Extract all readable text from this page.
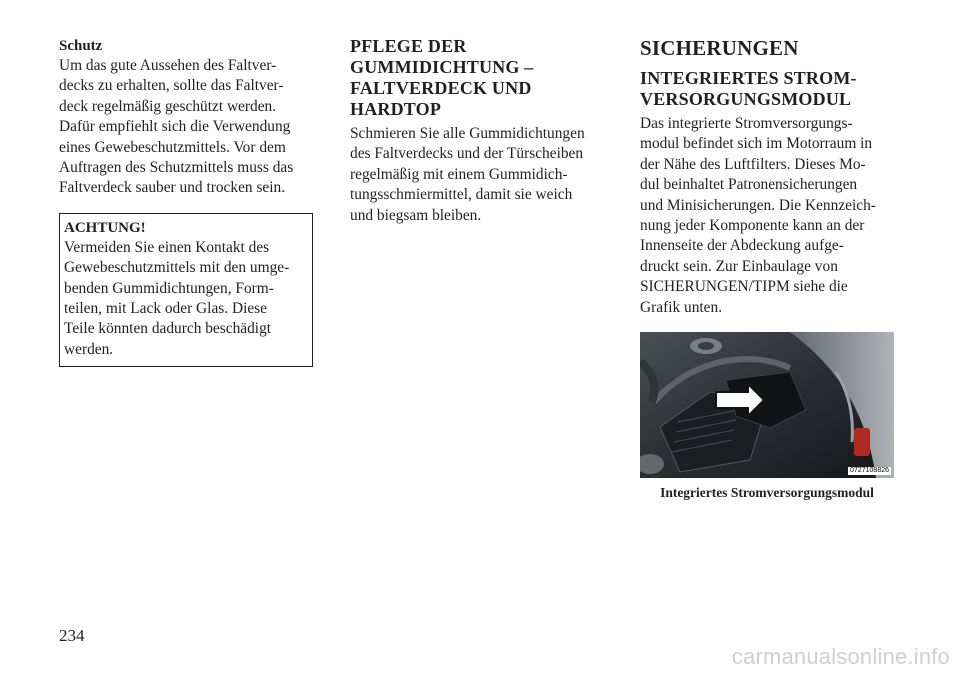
Schutz

Um das gute Aussehen des Faltver-

decks zu erhalten, sollte das Faltver-

deck regelmäßig geschützt werden.

Dafür empfiehlt sich die Verwendung

eines Gewebeschutzmittels. Vor dem

Auftragen des Schutzmittels muss das

Faltverdeck sauber und trocken sein.

ACHTUNG!

Vermeiden Sie einen Kontakt des

Gewebeschutzmittels mit den umge-

benden Gummidichtungen, Form-

teilen, mit Lack oder Glas. Diese

Teile könnten dadurch beschädigt

werden.

PFLEGE DER
GUMMIDICHTUNG –
FALTVERDECK UND
HARDTOP

Schmieren Sie alle Gummidichtungen

des Faltverdecks und der Türscheiben

regelmäßig mit einem Gummidich-

tungsschmiermittel, damit sie weich

und biegsam bleiben.

SICHERUNGEN
INTEGRIERTES STROM-
VERSORGUNGSMODUL

Das integrierte Stromversorgungs-

modul befindet sich im Motorraum in

der Nähe des Luftfilters. Dieses Mo-

dul beinhaltet Patronensicherungen

und Minisicherungen. Die Kennzeich-

nung jeder Komponente kann an der

Innenseite der Abdeckung aufge-

druckt sein. Zur Einbaulage von

SICHERUNGEN/TIPM siehe die

Grafik unten.

0727108826
Integriertes Stromversorgungsmodul

234

carmanualsonline.info
